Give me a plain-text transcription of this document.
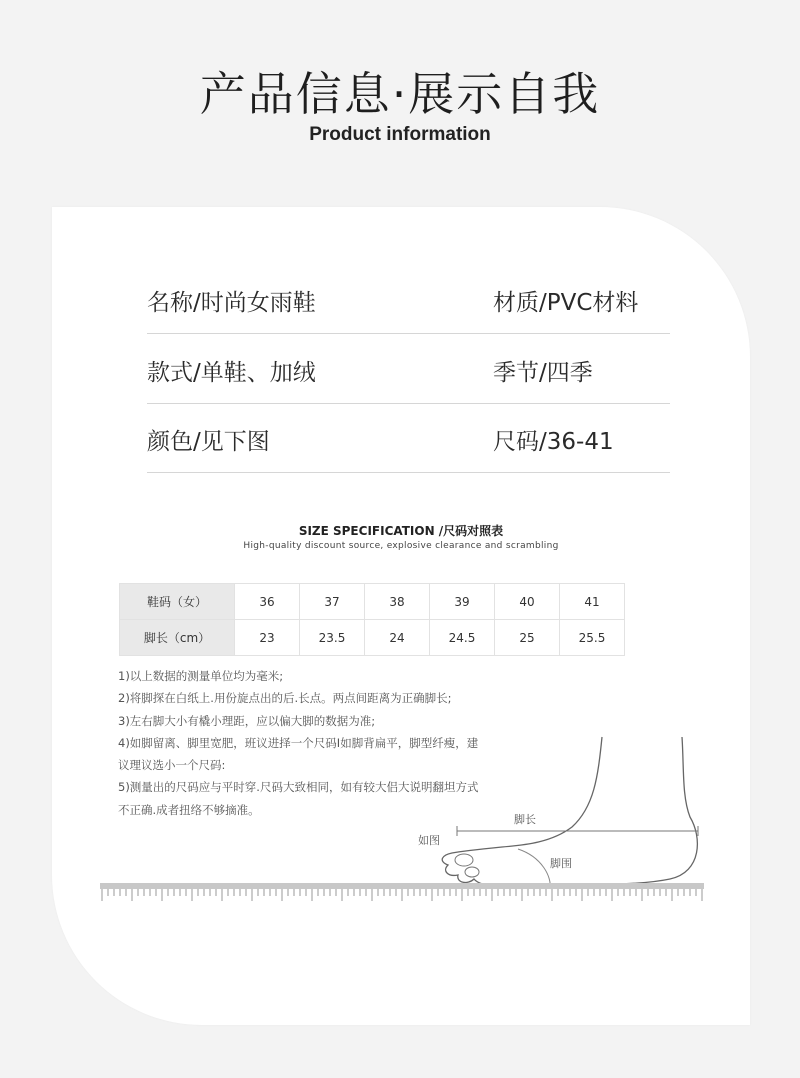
产品信息·展示自我
Product information
名称/时尚女雨鞋	材质/PVC材料
款式/单鞋、加绒	季节/四季
颜色/见下图	尺码/36-41
SIZE SPECIFICATION /尺码对照表
High-quality discount source, explosive clearance and scrambling
鞋码（女）	36	37	38	39	40	41
脚长（cm）	23	23.5	24	24.5	25	25.5
1)以上数据的测量单位均为毫米;
2)将脚探在白纸上.用份旋点出的后.长点。两点间距离为正确脚长;
3)左右脚大小有橇小理距，应以偏大脚的数据为准;
4)如脚留离、脚里宽肥，班议进择一个尺码I如脚背扁平，脚型纤瘦，建
议理议选小一个尺码:
5)测量出的尺码应与平时穿.尺码大致相同，如有较大侣大说明翻坦方式
不正确.成者扭络不够摘准。
脚长
脚围
如图
